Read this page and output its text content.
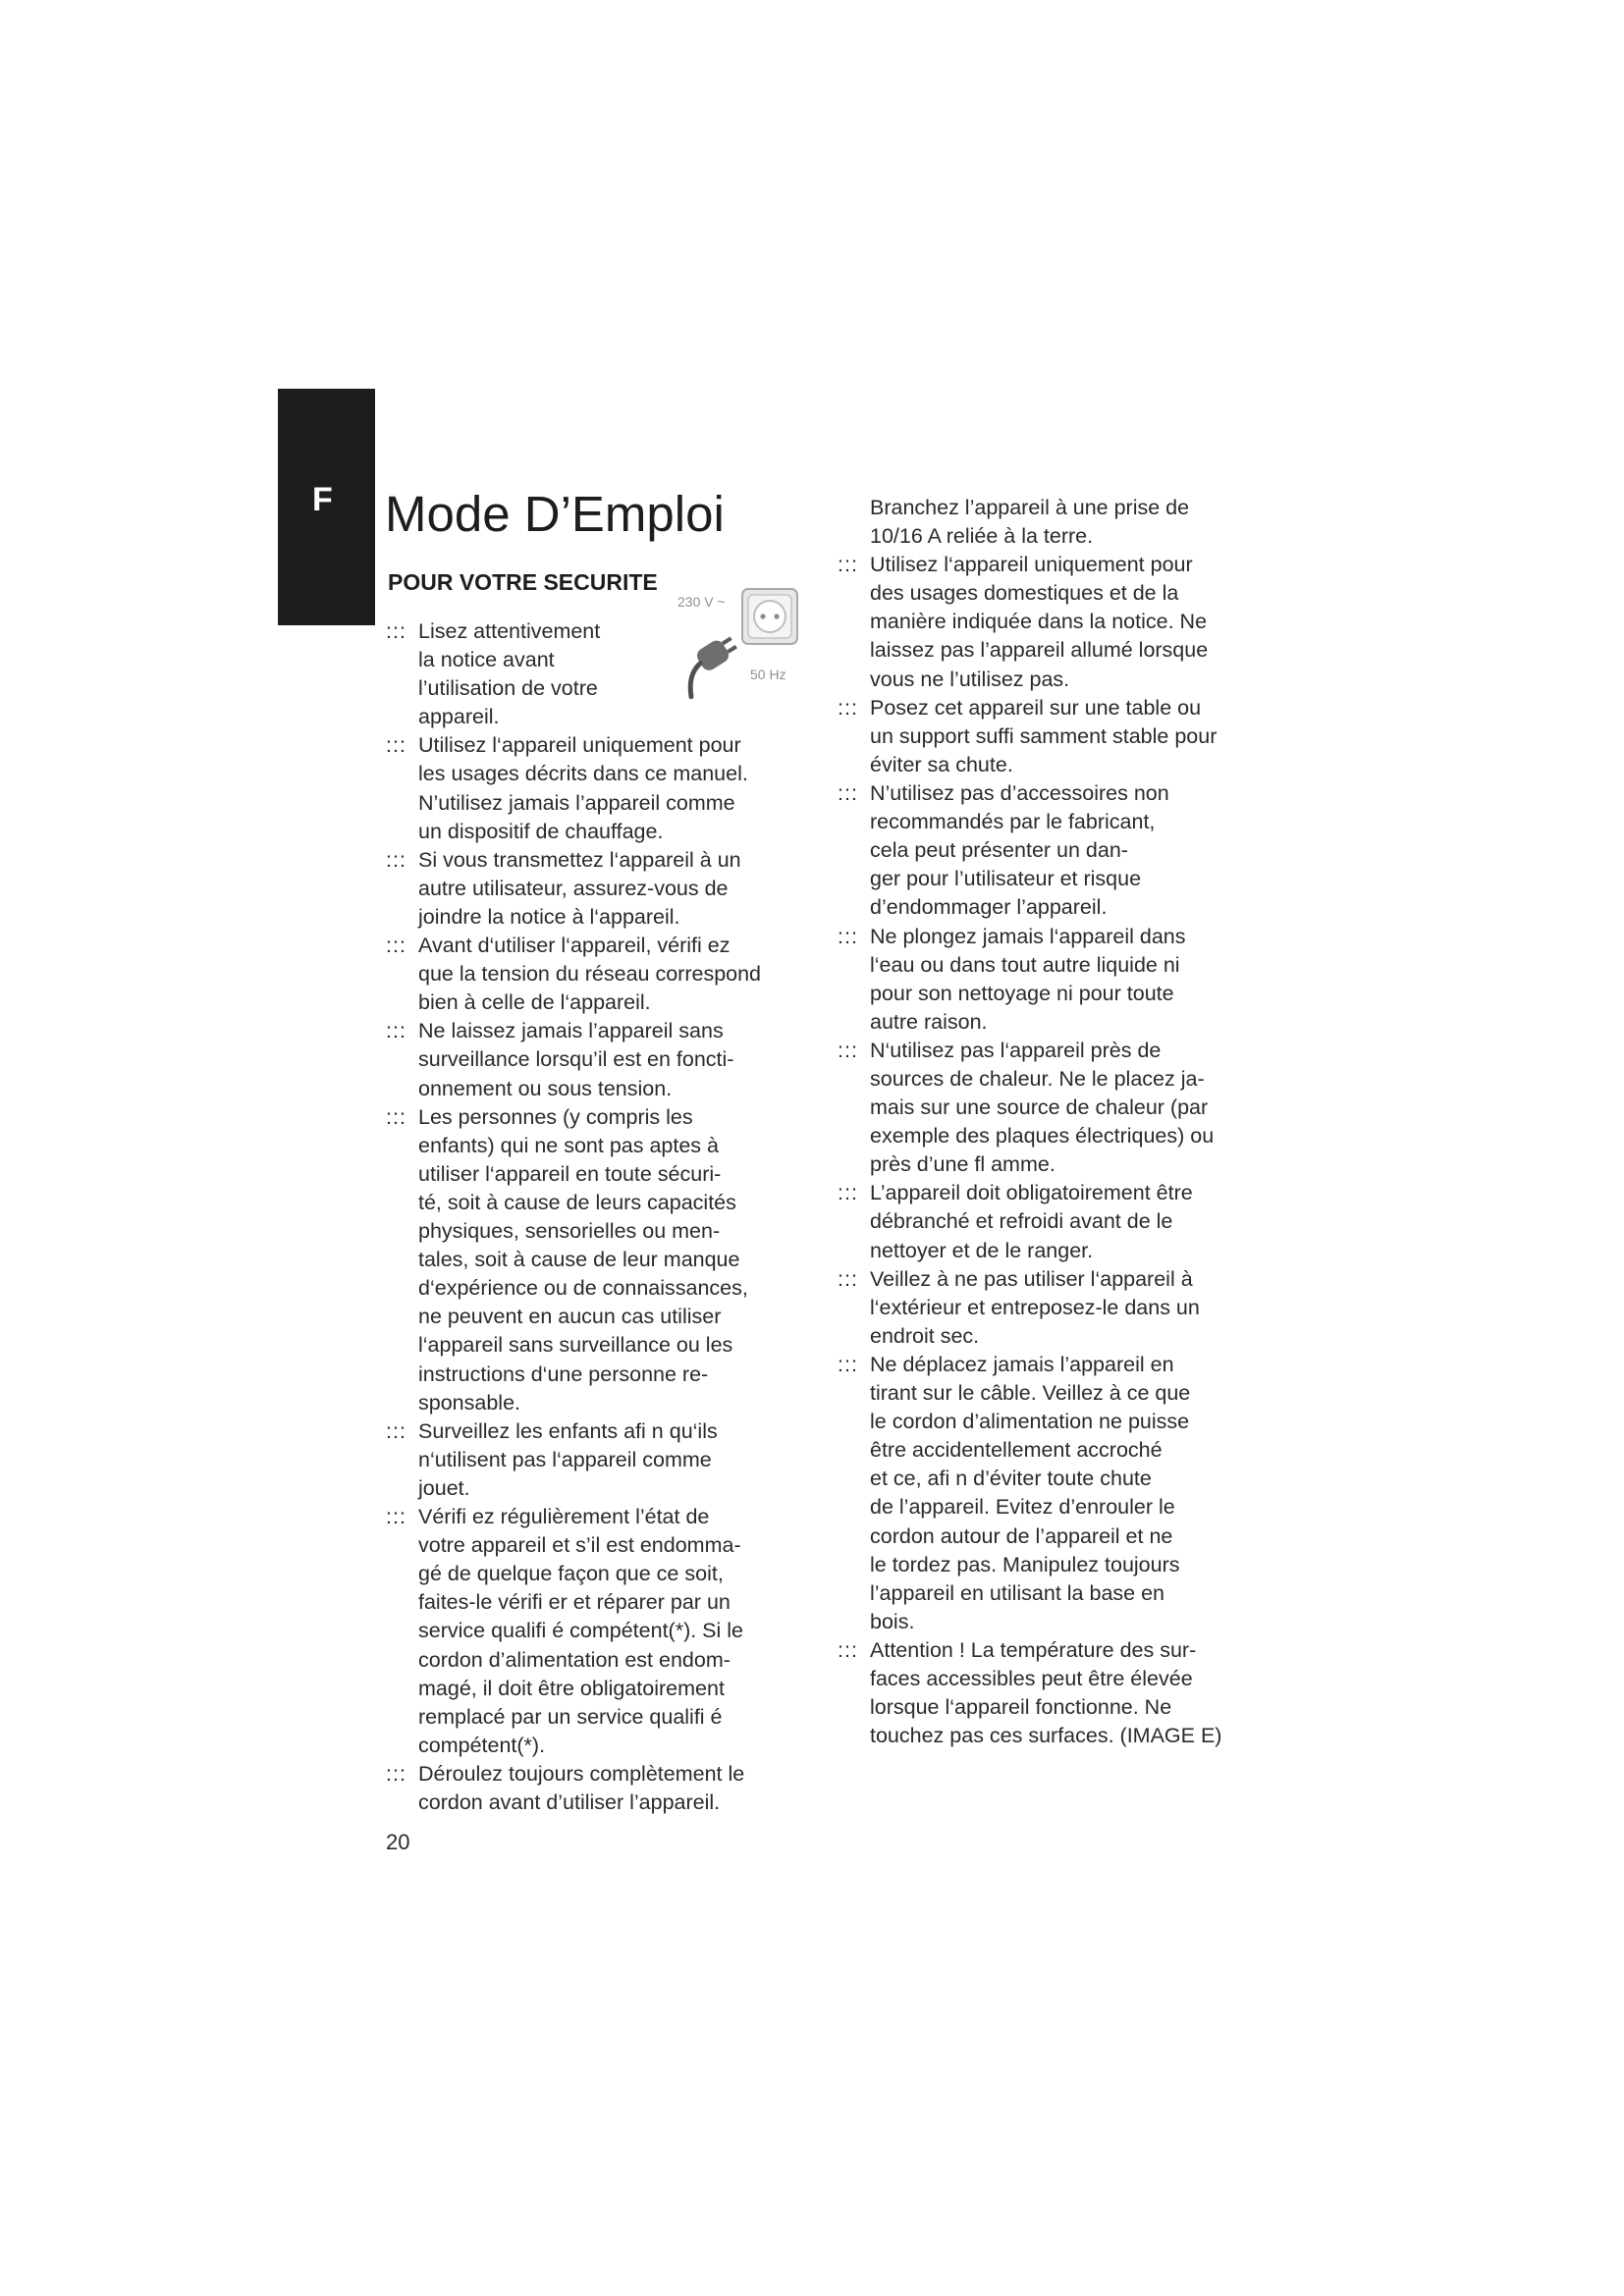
F Mode D’Emploi
POUR VOTRE SECURITE
230 V ~
50 Hz
::: Lisez attentivement
la notice avant
l’utilisation de votre
appareil.
::: Utilisez l‘appareil uniquement pour
les usages décrits dans ce manuel.
N’utilisez jamais l’appareil comme
un dispositif de chauffage.
::: Si vous transmettez l‘appareil à un
autre utilisateur, assurez-vous de
joindre la notice à l‘appareil.
::: Avant d‘utiliser l‘appareil, vérifi ez
que la tension du réseau correspond
bien à celle de l‘appareil.
::: Ne laissez jamais l’appareil sans
surveillance lorsqu’il est en foncti-
onnement ou sous tension.
::: Les personnes (y compris les
enfants) qui ne sont pas aptes à
utiliser l‘appareil en toute sécuri-
té, soit à cause de leurs capacités
physiques, sensorielles ou men-
tales, soit à cause de leur manque
d‘expérience ou de connaissances,
ne peuvent en aucun cas utiliser
l‘appareil sans surveillance ou les
instructions d‘une personne re-
sponsable.
::: Surveillez les enfants afi n qu‘ils
n‘utilisent pas l‘appareil comme
jouet.
::: Vérifi ez régulièrement l’état de
votre appareil et s’il est endomma-
gé de quelque façon que ce soit,
faites-le vérifi er et réparer par un
service qualifi é compétent(*). Si le
cordon d’alimentation est endom-
magé, il doit être obligatoirement
remplacé par un service qualifi é
compétent(*).
::: Déroulez toujours complètement le
cordon avant d’utiliser l’appareil.
Branchez l’appareil à une prise de
10/16 A reliée à la terre.
::: Utilisez l‘appareil uniquement pour
des usages domestiques et de la
manière indiquée dans la notice. Ne
laissez pas l’appareil allumé lorsque
vous ne l’utilisez pas.
::: Posez cet appareil sur une table ou
un support suffi samment stable pour
éviter sa chute.
::: N’utilisez pas d’accessoires non
recommandés par le fabricant,
cela peut présenter un dan-
ger pour l’utilisateur et risque
d’endommager l’appareil.
::: Ne plongez jamais l‘appareil dans
l‘eau ou dans tout autre liquide ni
pour son nettoyage ni pour toute
autre raison.
::: N‘utilisez pas l‘appareil près de
sources de chaleur. Ne le placez ja-
mais sur une source de chaleur (par
exemple des plaques électriques) ou
près d’une fl amme.
::: L’appareil doit obligatoirement être
débranché et refroidi avant de le
nettoyer et de le ranger.
::: Veillez à ne pas utiliser l‘appareil à
l‘extérieur et entreposez-le dans un
endroit sec.
::: Ne déplacez jamais l’appareil en
tirant sur le câble. Veillez à ce que
le cordon d’alimentation ne puisse
être accidentellement accroché
et ce, afi n d’éviter toute chute
de l’appareil. Evitez d’enrouler le
cordon autour de l’appareil et ne
le tordez pas. Manipulez toujours
l’appareil en utilisant la base en
bois.
::: Attention ! La température des sur-
faces accessibles peut être élevée
lorsque l‘appareil fonctionne. Ne
touchez pas ces surfaces. (IMAGE E)
20
